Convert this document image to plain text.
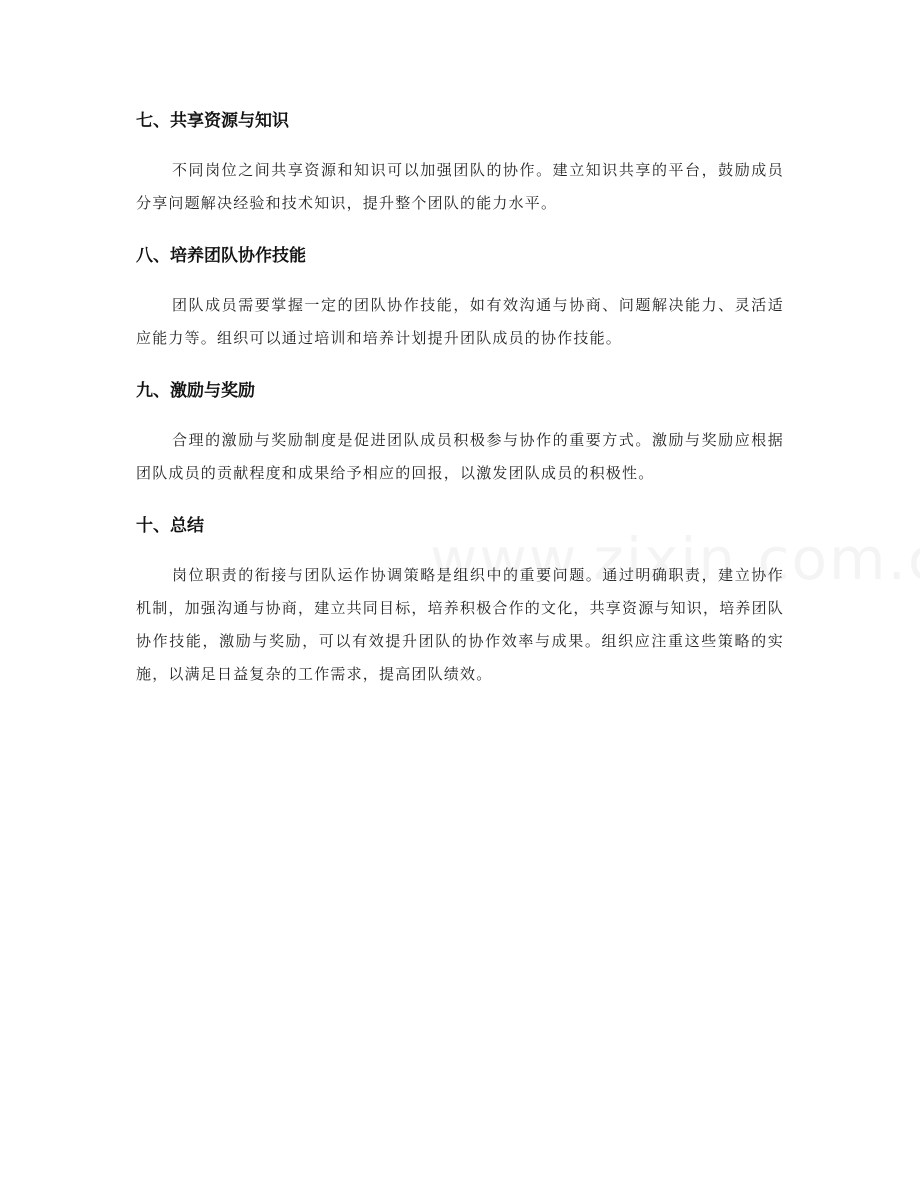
七、共享资源与知识

不同岗位之间共享资源和知识可以加强团队的协作。建立知识共享的平台，鼓励成员分享问题解决经验和技术知识，提升整个团队的能力水平。

八、培养团队协作技能

团队成员需要掌握一定的团队协作技能，如有效沟通与协商、问题解决能力、灵活适应能力等。组织可以通过培训和培养计划提升团队成员的协作技能。

九、激励与奖励

合理的激励与奖励制度是促进团队成员积极参与协作的重要方式。激励与奖励应根据团队成员的贡献程度和成果给予相应的回报，以激发团队成员的积极性。

十、总结

岗位职责的衔接与团队运作协调策略是组织中的重要问题。通过明确职责，建立协作机制，加强沟通与协商，建立共同目标，培养积极合作的文化，共享资源与知识，培养团队协作技能，激励与奖励，可以有效提升团队的协作效率与成果。组织应注重这些策略的实施，以满足日益复杂的工作需求，提高团队绩效。
